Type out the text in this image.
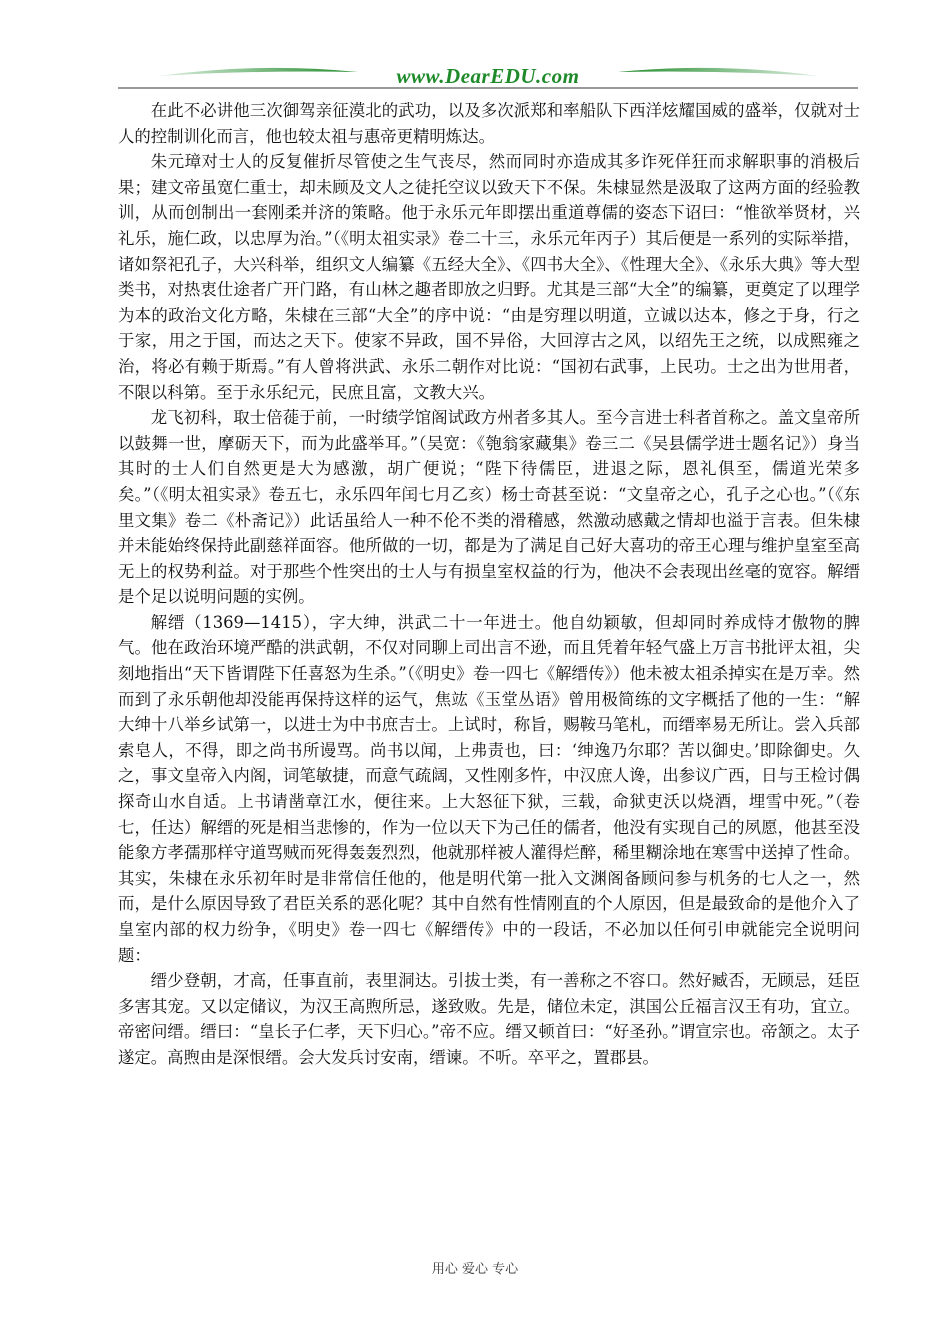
www.DearEDU.com

在此不必讲他三次御驾亲征漠北的武功，以及多次派郑和率船队下西洋炫耀国威的盛举，仅就对士人的控制训化而言，他也较太祖与惠帝更精明炼达。

朱元璋对士人的反复催折尽管使之生气丧尽，然而同时亦造成其多诈死佯狂而求解职事的消极后果；建文帝虽宽仁重士，却未顾及文人之徒托空议以致天下不保。朱棣显然是汲取了这两方面的经验教训，从而创制出一套刚柔并济的策略。他于永乐元年即摆出重道尊儒的姿态下诏曰：“惟欲举贤材，兴礼乐，施仁政，以忠厚为治。”（《明太祖实录》卷二十三，永乐元年丙子）其后便是一系列的实际举措，诸如祭祀孔子，大兴科举，组织文人编纂《五经大全》、《四书大全》、《性理大全》、《永乐大典》等大型类书，对热衷仕途者广开门路，有山林之趣者即放之归野。尤其是三部“大全”的编纂，更奠定了以理学为本的政治文化方略，朱棣在三部“大全”的序中说：“由是穷理以明道，立诚以达本，修之于身，行之于家，用之于国，而达之天下。使家不异政，国不异俗，大回淳古之风，以绍先王之统，以成熙雍之治，将必有赖于斯焉。”有人曾将洪武、永乐二朝作对比说：“国初右武事，上民功。士之出为世用者，不限以科第。至于永乐纪元，民庶且富，文教大兴。

龙飞初科，取士倍蓰于前，一时绩学馆阁试政方州者多其人。至今言进士科者首称之。盖文皇帝所以鼓舞一世，摩砺天下，而为此盛举耳。”（吴宽：《匏翁家藏集》卷三二《吴县儒学进士题名记》）身当其时的士人们自然更是大为感激，胡广便说；“陛下待儒臣，进退之际，恩礼俱至，儒道光荣多矣。”（《明太祖实录》卷五七，永乐四年闰七月乙亥）杨士奇甚至说：“文皇帝之心，孔子之心也。”（《东里文集》卷二《朴斋记》）此话虽给人一种不伦不类的滑稽感，然激动感戴之情却也溢于言表。但朱棣并未能始终保持此副慈祥面容。他所做的一切，都是为了满足自己好大喜功的帝王心理与维护皇室至高无上的权势利益。对于那些个性突出的士人与有损皇室权益的行为，他决不会表现出丝毫的宽容。解缙是个足以说明问题的实例。

解缙（1369—1415），字大绅，洪武二十一年进士。他自幼颖敏，但却同时养成恃才傲物的脾气。他在政治环境严酷的洪武朝，不仅对同聊上司出言不逊，而且凭着年轻气盛上万言书批评太祖，尖刻地指出“天下皆谓陛下任喜怒为生杀。”（《明史》卷一四七《解缙传》）他未被太祖杀掉实在是万幸。然而到了永乐朝他却没能再保持这样的运气，焦竑《玉堂丛语》曾用极简练的文字概括了他的一生：“解大绅十八举乡试第一，以进士为中书庶吉士。上试时，称旨，赐鞍马笔札，而缙率易无所让。尝入兵部索皂人，不得，即之尚书所谩骂。尚书以闻，上弗责也，曰：‘绅逸乃尔耶？苦以御史。’即除御史。久之，事文皇帝入内阁，词笔敏捷，而意气疏阔，又性刚多忤，中汉庶人谗，出参议广西，日与王检讨偶探奇山水自适。上书请凿章江水，便往来。上大怒征下狱，三载，命狱吏沃以烧酒，埋雪中死。”（卷七，任达）解缙的死是相当悲惨的，作为一位以天下为己任的儒者，他没有实现自己的夙愿，他甚至没能象方孝孺那样守道骂贼而死得轰轰烈烈，他就那样被人灌得烂醉，稀里糊涂地在寒雪中送掉了性命。其实，朱棣在永乐初年时是非常信任他的，他是明代第一批入文渊阁备顾问参与机务的七人之一，然而，是什么原因导致了君臣关系的恶化呢？其中自然有性情刚直的个人原因，但是最致命的是他介入了皇室内部的权力纷争，《明史》卷一四七《解缙传》中的一段话，不必加以任何引申就能完全说明问题：

缙少登朝，才高，任事直前，表里洞达。引拔士类，有一善称之不容口。然好臧否，无顾忌，廷臣多害其宠。又以定储议，为汉王高煦所忌，遂致败。先是，储位未定，淇国公丘福言汉王有功，宜立。帝密问缙。缙曰：“皇长子仁孝，天下归心。”帝不应。缙又顿首曰：“好圣孙。”谓宣宗也。帝颔之。太子遂定。高煦由是深恨缙。会大发兵讨安南，缙谏。不听。卒平之，置郡县。

用心 爱心 专心
